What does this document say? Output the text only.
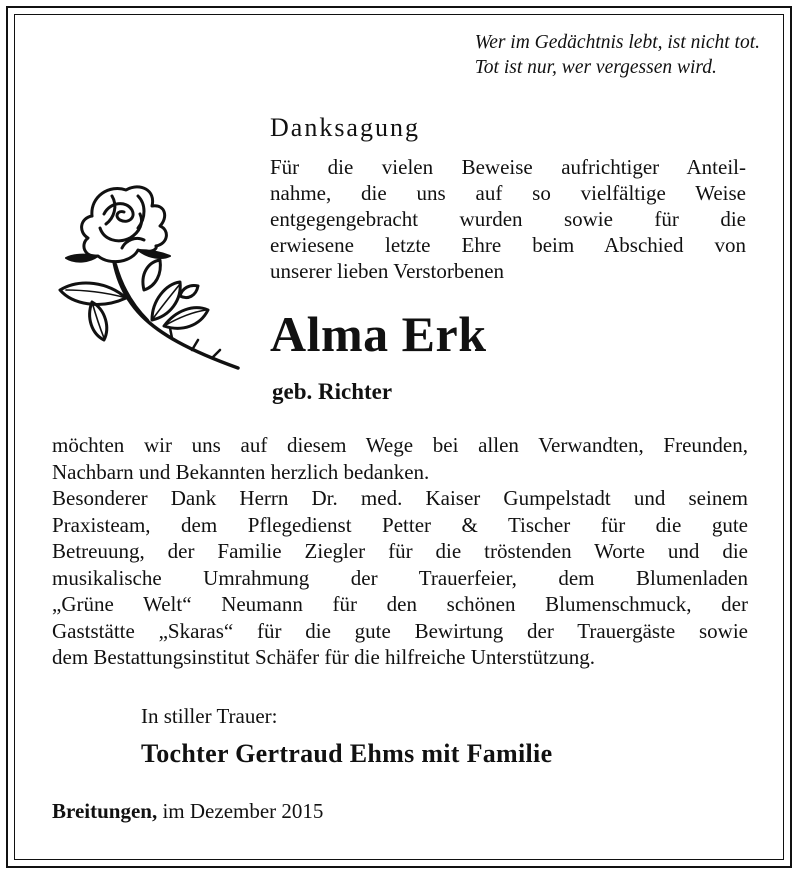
Wer im Gedächtnis lebt, ist nicht tot.
Tot ist nur, wer vergessen wird.
Danksagung
Für die vielen Beweise aufrichtiger Anteil-
nahme, die uns auf so vielfältige Weise
entgegengebracht wurden sowie für die
erwiesene letzte Ehre beim Abschied von
unserer lieben Verstorbenen
Alma Erk
geb. Richter
möchten wir uns auf diesem Wege bei allen Verwandten, Freunden,
Nachbarn und Bekannten herzlich bedanken.
Besonderer Dank Herrn Dr. med. Kaiser Gumpelstadt und seinem
Praxisteam, dem Pflegedienst Petter & Tischer für die gute
Betreuung, der Familie Ziegler für die tröstenden Worte und die
musikalische Umrahmung der Trauerfeier, dem Blumenladen
„Grüne Welt“ Neumann für den schönen Blumenschmuck, der
Gaststätte „Skaras“ für die gute Bewirtung der Trauergäste sowie
dem Bestattungsinstitut Schäfer für die hilfreiche Unterstützung.
In stiller Trauer:
Tochter Gertraud Ehms mit Familie
Breitungen, im Dezember 2015
